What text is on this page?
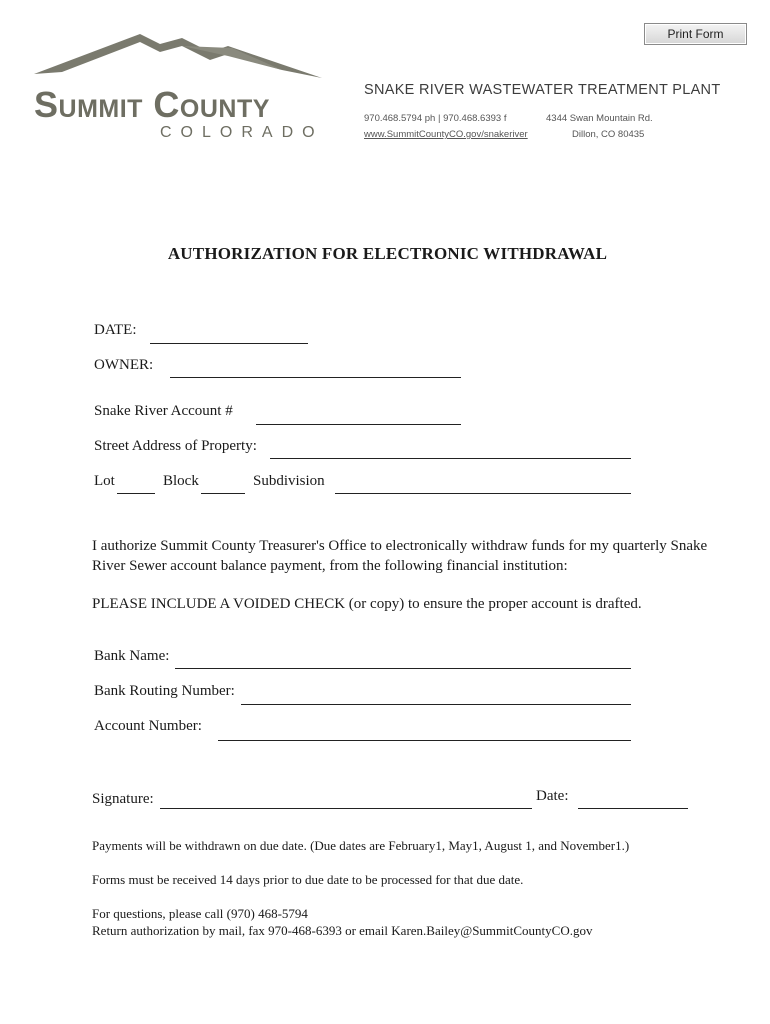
Print Form
Summit County
COLORADO
SNAKE RIVER WASTEWATER TREATMENT PLANT
970.468.5794 ph | 970.468.6393 f	4344 Swan Mountain Rd.
www.SummitCountyCO.gov/snakeriver	Dillon, CO 80435
AUTHORIZATION FOR ELECTRONIC WITHDRAWAL
DATE:
OWNER:
Snake River Account #
Street Address of Property:
Lot	Block	Subdivision
I authorize Summit County Treasurer's Office to electronically withdraw funds for my quarterly Snake River Sewer account balance payment, from the following financial institution:
PLEASE INCLUDE A VOIDED CHECK (or copy) to ensure the proper account is drafted.
Bank Name:
Bank Routing Number:
Account Number:
Signature:	Date:
Payments will be withdrawn on due date. (Due dates are February1, May1, August 1, and November1.)
Forms must be received 14 days prior to due date to be processed for that due date.
For questions, please call (970) 468-5794
Return authorization by mail, fax 970-468-6393 or email Karen.Bailey@SummitCountyCO.gov
